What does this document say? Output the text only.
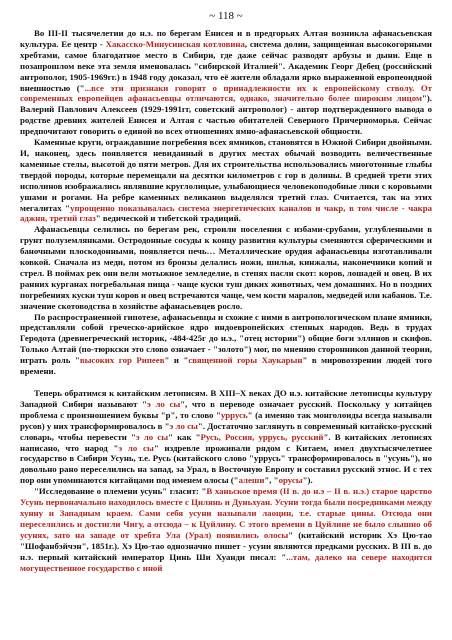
~ 118 ~

Во III-II тысячелетии до н.э. по берегам Енисея и в предгорьях Алтая возникла афанасьевская культура. Ее центр - Хакасско-Минусинская котловина, система долин, защищенная высокогорными хребтами, самое благодатное место в Сибири, где даже сейчас разводят арбузы и дыни. Еще в позапрошлом веке эта земля именовалась "сибирской Италией". Академик Георг Дебец (российский антрополог, 1905-1969гг.) в 1948 году доказал, что её жители обладали ярко выраженной европеоидной внешностью ("...все эти признаки говорят о принадлежности их к европейскому стволу. От современных европейцев афанасьевцы отличаются, однако, значительно более широким лицом"). Валерий Павлович Алексеев (1929-1991гг, советский антрополог) - автор подтвержденного вывода о родстве древних жителей Енисея и Алтая с частью обитателей Северного Причерноморья. Сейчас предпочитают говорить о единой во всех отношениях ямно-афанасьевской общности.

Каменные круги, ограждавшие погребения всех ямников, становятся в Южной Сибири двойными. И, наконец, здесь появляется невиданный в других местах обычай возводить величественные каменные стелы, высотой до пяти метров. Для их строительства использовались многотонные глыбы твердой породы, которые перемещали на десятки километров с гор в долины. В средней трети этих исполинов изображались являвшие круглолицые, улыбающиеся человекоподобные лики с коровьими ушами и рогами. На ребре каменных великанов выделялся третий глаз. Считается, так на этих мегалитах "упрощенно показывалась система энергетических каналов и чакр, в том числе - чакра аджня, третий глаз" ведической и тибетской традиций.

Афанасьевцы селились по берегам рек, строили поселения с избами-срубами, углубленными в грунт полуземлянками. Остродонные сосуды к концу развития культуры сменяются сферическими и баночными плоскодонными, появляется печь… Металлические орудия афанасьевцы изготавливали ковкой. Сначала из меди, потом из бронзы делались ножи, шилья, кинжалы, наконечники копий и стрел. В поймах рек они вели мотыжное земледелие, в степях пасли скот: коров, лошадей и овец. В их ранних курганах погребальная пища - чаще куски туш диких животных, чем домашних. Но в поздних погребениях куски туш коров и овец встречаются чаще, чем кости маралов, медведей или кабанов. Т.е. значение скотоводства в хозяйстве афанасьевцев росло.

По распространенной гипотезе, афанасьевцы и схожие с ними в антропологическом плане ямники, представляли собой греческо-арийское ядро индоевропейских степных народов. Ведь в трудах Геродота (древнегреческий историк, -484-425г до н.э., "отец истории") общие боги эллинов и скифов. Только Алтай (по-тюркски это слово означает - "золото") мог, по мнению сторонников данной теории, играть роль "высоких гор Рипеев" и "священной горы Хаукарын" в мировоззрении людей того времени.

Теперь обратимся к китайским летописям. В XIII–Х веках ДО н.э. китайские летописцы культуру Западной Сибири называют "э ло сы", что в переводе означает русский. Поскольку у китайцев проблема с произношением буквы "р", то слово "уррусь" (а именно так монголоиды всегда называли русов) у них трансформировалось в "э ло сы". Достаточно заглянуть в современный китайско-русский словарь, чтобы перевести "э ло сы" как "Русь, Россия, уррусь, русский". В китайских летописях написано, что народ "э ло сы" издревле проживали рядом с Китаем, имел двухтысячелетнее государство в Сибири Усунь, т.е. Русь (китайского слово "уррусь" трансформировалось в "усунь"), но довольно рано переселились на запад, за Урал, в Восточную Европу и составил русский этнос. И с тех пор они упоминаются китайцами под именем олосы ("алеши", "орусы").

"Исследование о племени усунь" гласит: "В ханьское время (II в. до н.э – II в. н.э.) старое царство Усунь первоначально находилось вместе с Цилянь и Дуньхуан. Усуни тогда были посредниками между хунну и Западным краем. Сами себя усуни называли лаоцин, т.е. старые цины. Отсюда они переселились и достигли Чигу, а отсюда – к Цуйлину. С этого времени в Цуйлине не было слышно об усунях, зато на западе от хребта Ула (Урал) появились олосы" (китайский историк Хэ Цю-тао "Шофанбэйчэн", 1851г.). Хэ Цю-тао однозначно пишет - усуни являются предками русских. В III в. до н.э. первый китайский император Цинь Ши Хуанди писал: "...там, далеко на севере находится могущественное государство с иной
